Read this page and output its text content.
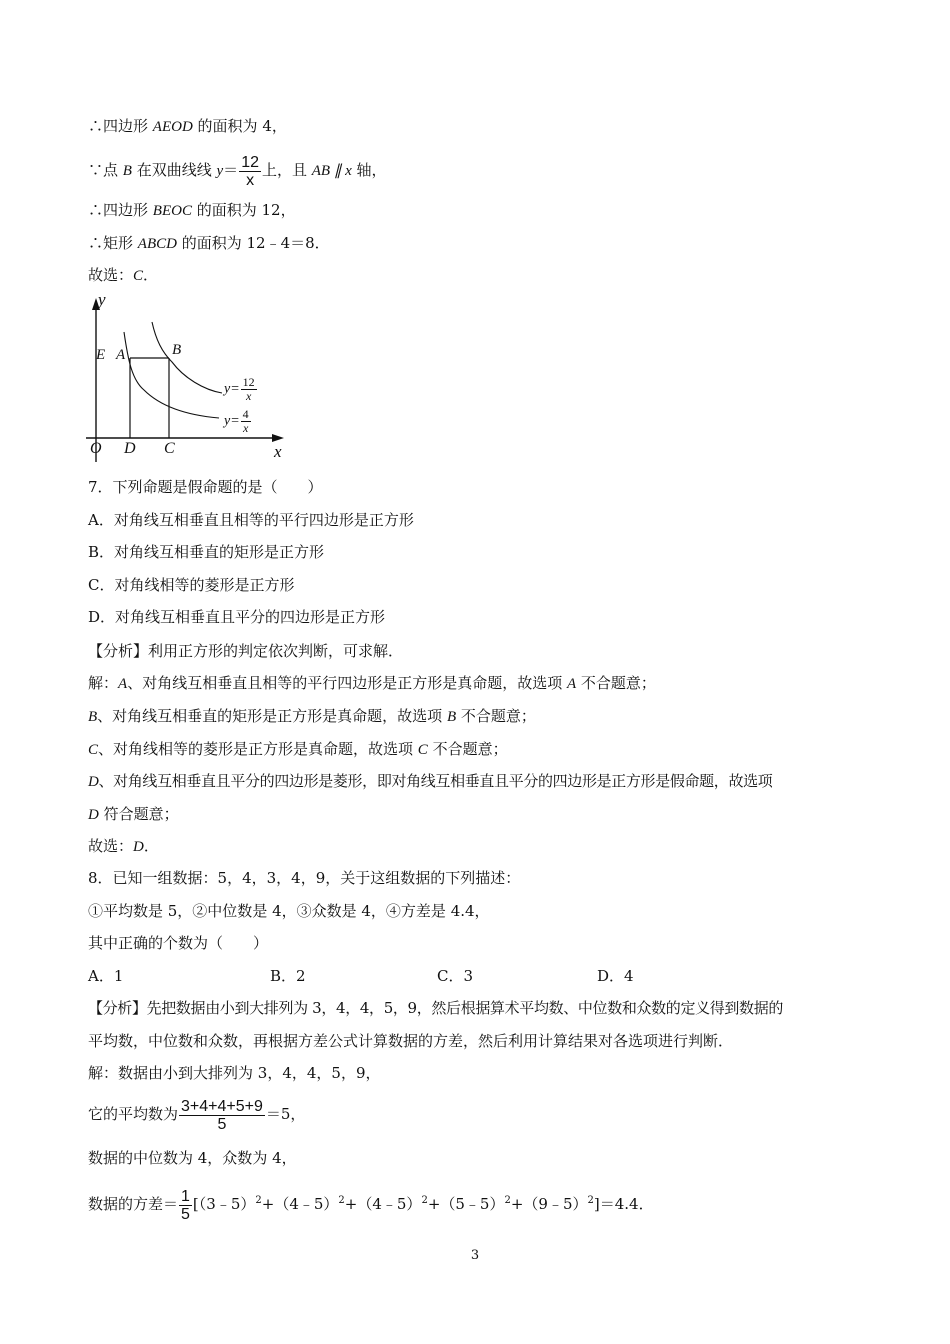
∴四边形 AEOD 的面积为 4，
∵点 B 在双曲线线 $y= \frac{12}{x}$ 上，且 AB ∥ x 轴，
∴四边形 BEOC 的面积为 12，
∴矩形 ABCD 的面积为 12﹣4＝8．
故选：C．
y
x
O
E A	B
D C
$y= \frac{12}{x}$
$y= \frac{4}{x}$
7．下列命题是假命题的是（　　）
A．对角线互相垂直且相等的平行四边形是正方形
B．对角线互相垂直的矩形是正方形
C．对角线相等的菱形是正方形
D．对角线互相垂直且平分的四边形是正方形
【分析】利用正方形的判定依次判断，可求解．
解：A、对角线互相垂直且相等的平行四边形是正方形是真命题，故选项 A 不合题意；
B、对角线互相垂直的矩形是正方形是真命题，故选项 B 不合题意；
C、对角线相等的菱形是正方形是真命题，故选项 C 不合题意；
D、对角线互相垂直且平分的四边形是菱形，即对角线互相垂直且平分的四边形是正方形是假命题，故选项
D 符合题意；
故选：D．
8．已知一组数据：5，4，3，4，9，关于这组数据的下列描述：
①平均数是 5，②中位数是 4，③众数是 4，④方差是 4.4，
其中正确的个数为（　　）
A．1	B．2	C．3	D．4
【分析】先把数据由小到大排列为 3，4，4，5，9，然后根据算术平均数、中位数和众数的定义得到数据的
平均数，中位数和众数，再根据方差公式计算数据的方差，然后利用计算结果对各选项进行判断．
解：数据由小到大排列为 3，4，4，5，9，
它的平均数为 $\frac{3+4+4+5+9}{5} =5$，
数据的中位数为 4，众数为 4，
数据的方差＝ $\frac{1}{5}$ [（3﹣5）$^2$+（4﹣5）$^2$+（4﹣5）$^2$+（5﹣5）$^2$+（9﹣5）$^2$]＝4.4．
3
